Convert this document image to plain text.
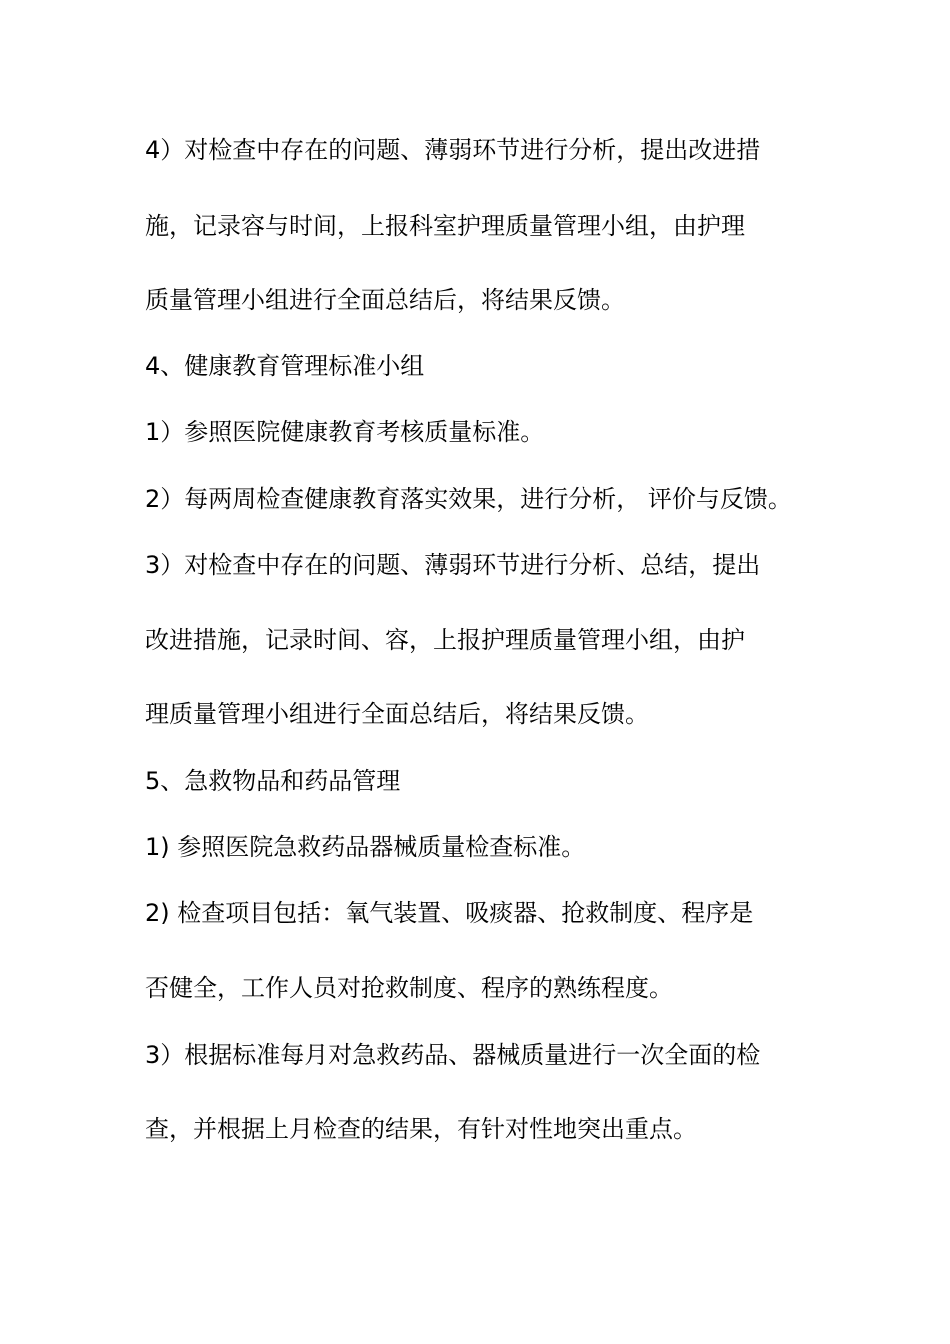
4）对检查中存在的问题、薄弱环节进行分析，提出改进措

施，记录容与时间，上报科室护理质量管理小组，由护理

质量管理小组进行全面总结后，将结果反馈。

4、健康教育管理标准小组

1）参照医院健康教育考核质量标准。

2）每两周检查健康教育落实效果，进行分析， 评价与反馈。

3）对检查中存在的问题、薄弱环节进行分析、总结，提出

改进措施，记录时间、容，上报护理质量管理小组，由护

理质量管理小组进行全面总结后，将结果反馈。

5、急救物品和药品管理

1) 参照医院急救药品器械质量检查标准。

2) 检查项目包括：氧气装置、吸痰器、抢救制度、程序是

否健全，工作人员对抢救制度、程序的熟练程度。

3）根据标准每月对急救药品、器械质量进行一次全面的检

查，并根据上月检查的结果，有针对性地突出重点。
